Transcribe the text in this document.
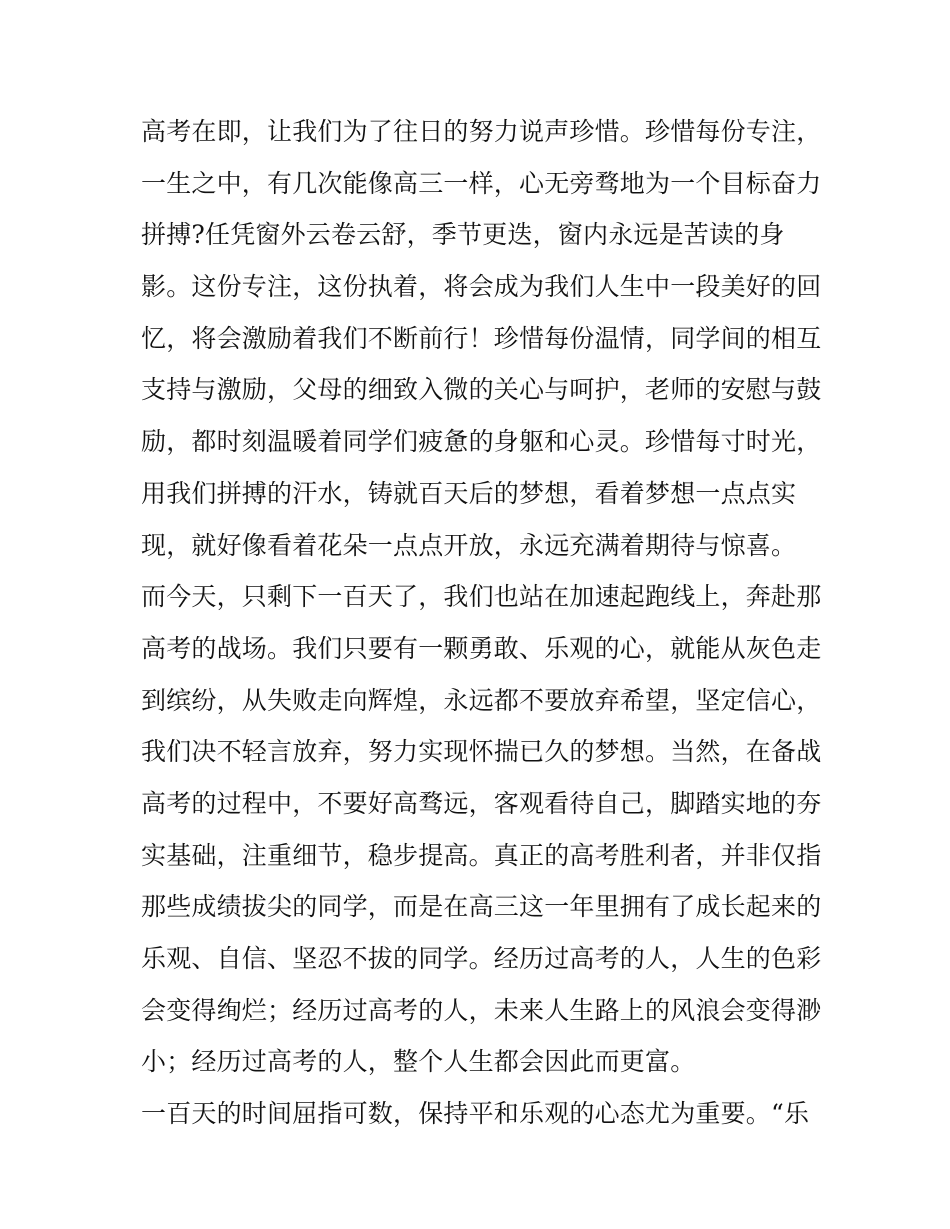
高考在即，让我们为了往日的努力说声珍惜。珍惜每份专注，
一生之中，有几次能像高三一样，心无旁骛地为一个目标奋力
拼搏?任凭窗外云卷云舒，季节更迭，窗内永远是苦读的身
影。这份专注，这份执着，将会成为我们人生中一段美好的回
忆，将会激励着我们不断前行！珍惜每份温情，同学间的相互
支持与激励，父母的细致入微的关心与呵护，老师的安慰与鼓
励，都时刻温暖着同学们疲惫的身躯和心灵。珍惜每寸时光，
用我们拼搏的汗水，铸就百天后的梦想，看着梦想一点点实
现，就好像看着花朵一点点开放，永远充满着期待与惊喜。
而今天，只剩下一百天了，我们也站在加速起跑线上，奔赴那
高考的战场。我们只要有一颗勇敢、乐观的心，就能从灰色走
到缤纷，从失败走向辉煌，永远都不要放弃希望，坚定信心，
我们决不轻言放弃，努力实现怀揣已久的梦想。当然，在备战
高考的过程中，不要好高骛远，客观看待自己，脚踏实地的夯
实基础，注重细节，稳步提高。真正的高考胜利者，并非仅指
那些成绩拔尖的同学，而是在高三这一年里拥有了成长起来的
乐观、自信、坚忍不拔的同学。经历过高考的人，人生的色彩
会变得绚烂；经历过高考的人，未来人生路上的风浪会变得渺
小；经历过高考的人，整个人生都会因此而更富。
一百天的时间屈指可数，保持平和乐观的心态尤为重要。“乐
